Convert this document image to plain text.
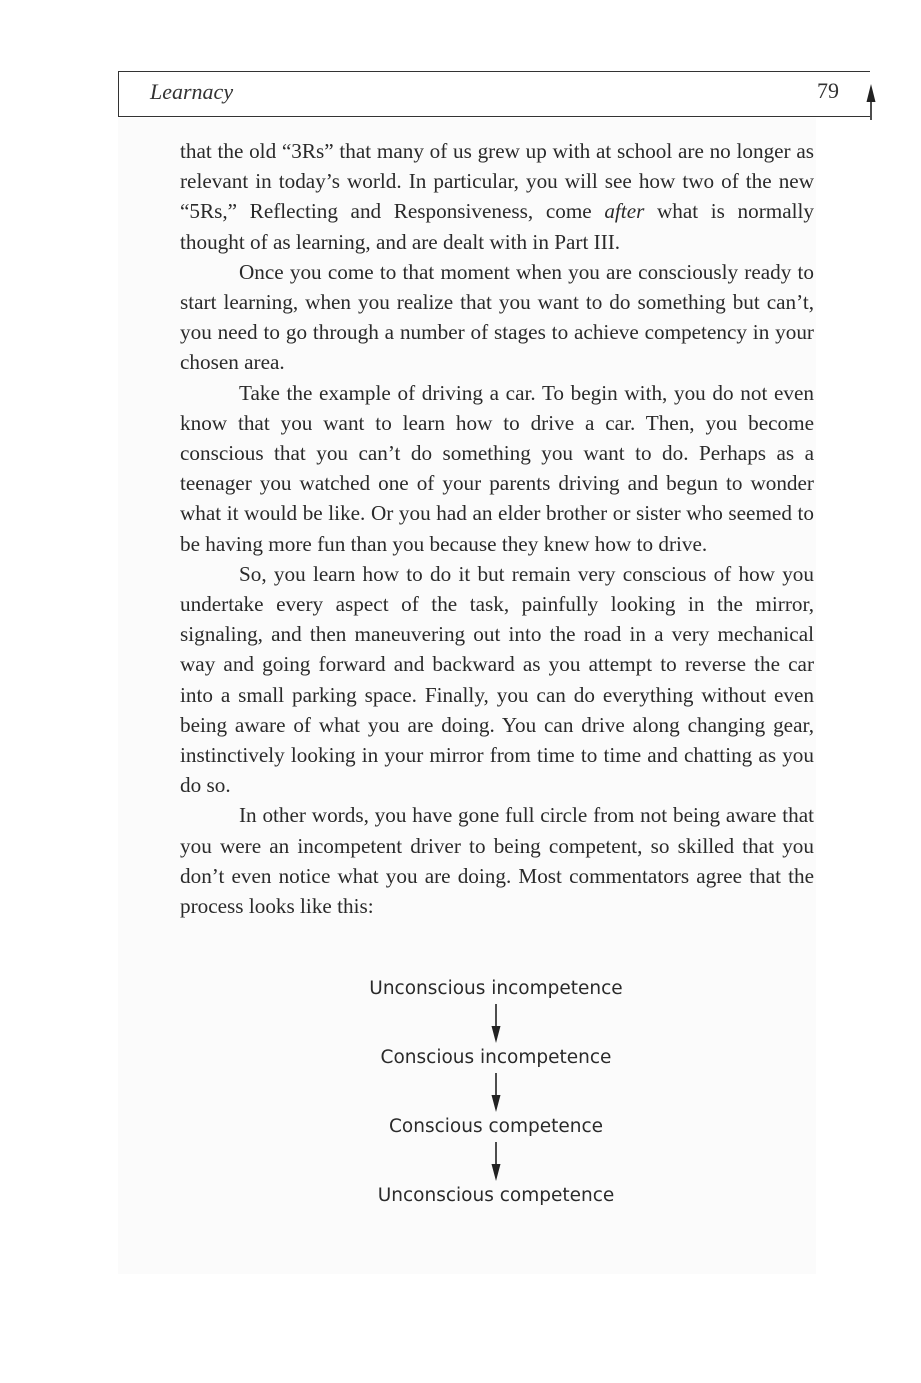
Learnacy	79

that the old “3Rs” that many of us grew up with at school are no longer as relevant in today’s world. In particular, you will see how two of the new “5Rs,” Reflecting and Responsiveness, come after what is normally thought of as learning, and are dealt with in Part III.

Once you come to that moment when you are consciously ready to start learning, when you realize that you want to do something but can’t, you need to go through a number of stages to achieve competency in your chosen area.

Take the example of driving a car. To begin with, you do not even know that you want to learn how to drive a car. Then, you become conscious that you can’t do something you want to do. Perhaps as a teenager you watched one of your parents driving and begun to wonder what it would be like. Or you had an elder brother or sister who seemed to be having more fun than you because they knew how to drive.

So, you learn how to do it but remain very conscious of how you undertake every aspect of the task, painfully looking in the mirror, signaling, and then maneuvering out into the road in a very mechanical way and going forward and backward as you attempt to reverse the car into a small parking space. Finally, you can do everything without even being aware of what you are doing. You can drive along changing gear, instinctively looking in your mirror from time to time and chatting as you do so.

In other words, you have gone full circle from not being aware that you were an incompetent driver to being competent, so skilled that you don’t even notice what you are doing. Most commentators agree that the process looks like this:

Unconscious incompetence
Conscious incompetence
Conscious competence
Unconscious competence
